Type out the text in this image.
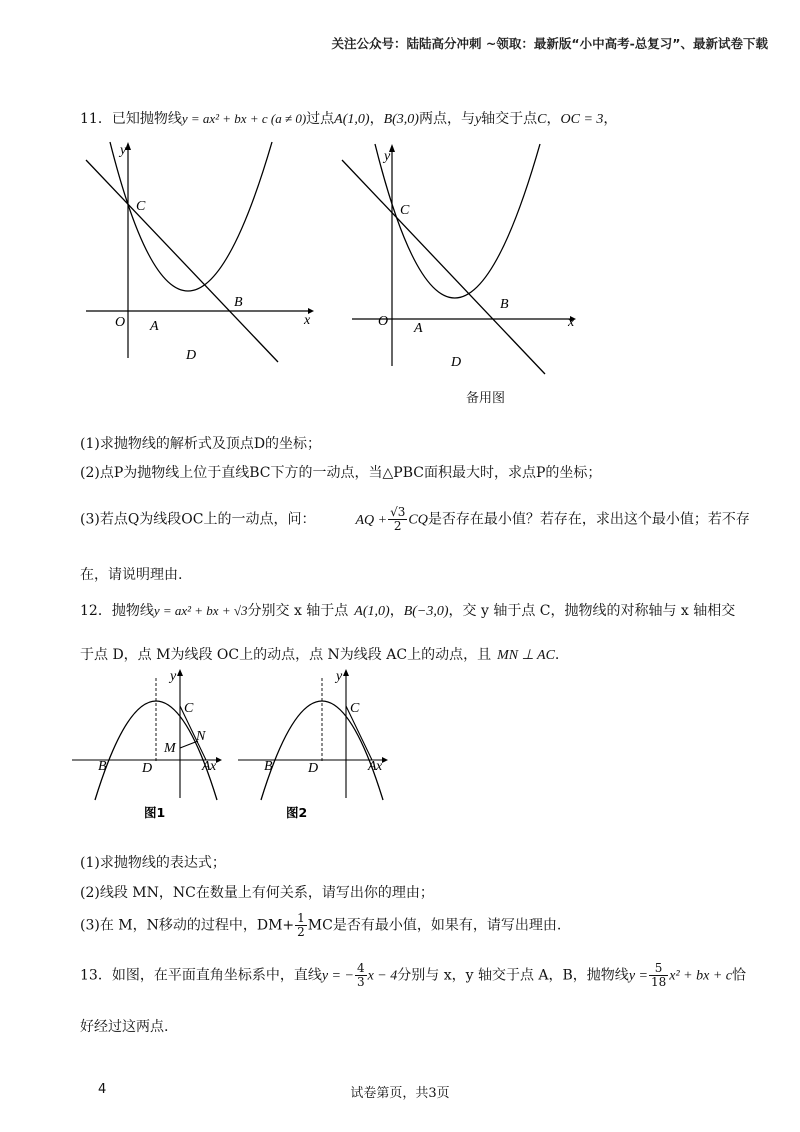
关注公众号：陆陆高分冲刺 ~领取：最新版“小中高考-总复习”、最新试卷下载
11．已知抛物线y = ax² + bx + c (a ≠ 0)过点A(1,0)，B(3,0)两点，与y轴交于点C，OC = 3，
y
x
O A
B
C
D
y
x
O A
B
C
D
备用图
(1)求抛物线的解析式及顶点D的坐标；
(2)点P为抛物线上位于直线BC下方的一动点，当△PBC面积最大时，求点P的坐标；
(3)若点Q为线段OC上的一动点，问：	AQ + $\frac{√3}{2}$ CQ是否存在最小值？若存在，求出这个最小值；若不存
在，请说明理由.
12．抛物线y = ax² + bx + √3分别交 x 轴于点 A(1,0)，B(−3,0)，交 y 轴于点 C，抛物线的对称轴与 x 轴相交
于点 D，点 M为线段 OC上的动点，点 N为线段 AC上的动点，且 MN ⊥ AC.
y
x
B	D	A
C
M
N
图1
y
x
B	D	A
C
图2
(1)求抛物线的表达式；
(2)线段 MN，NC在数量上有何关系，请写出你的理由；
(3)在 M，N移动的过程中，$DM+ \frac{1}{2}$ MC是否有最小值，如果有，请写出理由.
13．如图，在平面直角坐标系中，直线y = − $\frac{4}{3}$ x − 4分别与 x，y 轴交于点 A，B，抛物线$y = \frac{5}{18} x^2$ + bx + c恰
好经过这两点.
4	试卷第页，共3页
